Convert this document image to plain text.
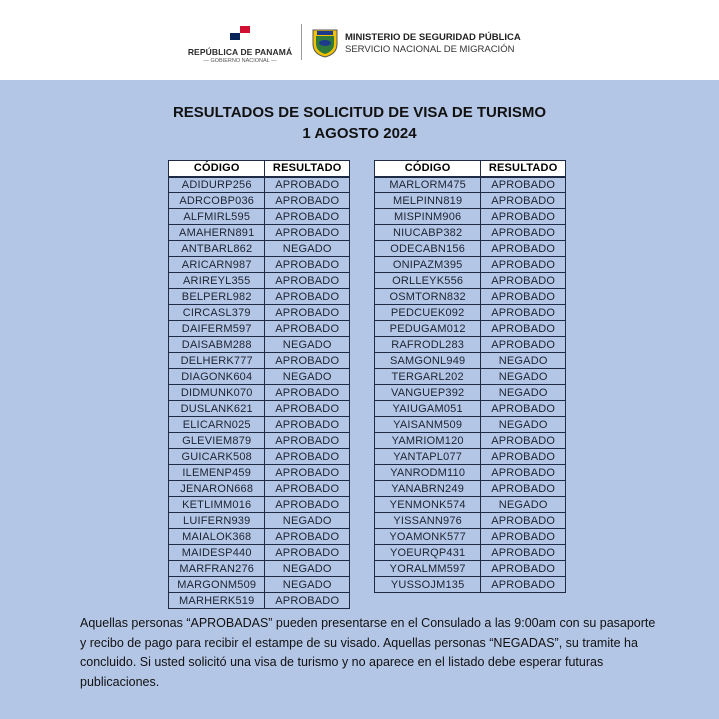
REPÚBLICA DE PANAMÁ
— GOBIERNO NACIONAL —
MINISTERIO DE SEGURIDAD PÚBLICA
SERVICIO NACIONAL DE MIGRACIÓN
RESULTADOS DE SOLICITUD DE VISA DE TURISMO
1 AGOSTO 2024
CÓDIGO	RESULTADO
ADIDURP256	APROBADO
ADRCOBP036	APROBADO
ALFMIRL595	APROBADO
AMAHERN891	APROBADO
ANTBARL862	NEGADO
ARICARN987	APROBADO
ARIREYL355	APROBADO
BELPERL982	APROBADO
CIRCASL379	APROBADO
DAIFERM597	APROBADO
DAISABM288	NEGADO
DELHERK777	APROBADO
DIAGONK604	NEGADO
DIDMUNK070	APROBADO
DUSLANK621	APROBADO
ELICARN025	APROBADO
GLEVIEM879	APROBADO
GUICARK508	APROBADO
ILEMENP459	APROBADO
JENARON668	APROBADO
KETLIMM016	APROBADO
LUIFERN939	NEGADO
MAIALOK368	APROBADO
MAIDESP440	APROBADO
MARFRAN276	NEGADO
MARGONM509	NEGADO
MARHERK519	APROBADO
CÓDIGO	RESULTADO
MARLORM475	APROBADO
MELPINN819	APROBADO
MISPINM906	APROBADO
NIUCABP382	APROBADO
ODECABN156	APROBADO
ONIPAZM395	APROBADO
ORLLEYK556	APROBADO
OSMTORN832	APROBADO
PEDCUEK092	APROBADO
PEDUGAM012	APROBADO
RAFRODL283	APROBADO
SAMGONL949	NEGADO
TERGARL202	NEGADO
VANGUEP392	NEGADO
YAIUGAM051	APROBADO
YAISANM509	NEGADO
YAMRIOM120	APROBADO
YANTAPL077	APROBADO
YANRODM110	APROBADO
YANABRN249	APROBADO
YENMONK574	NEGADO
YISSANN976	APROBADO
YOAMONK577	APROBADO
YOEURQP431	APROBADO
YORALMM597	APROBADO
YUSSOJM135	APROBADO

Aquellas personas “APROBADAS” pueden presentarse en el Consulado a las 9:00am con su pasaporte y recibo de pago para recibir el estampe de su visado. Aquellas personas “NEGADAS”, su tramite ha concluido. Si usted solicitó una visa de turismo y no aparece en el listado debe esperar futuras publicaciones.
